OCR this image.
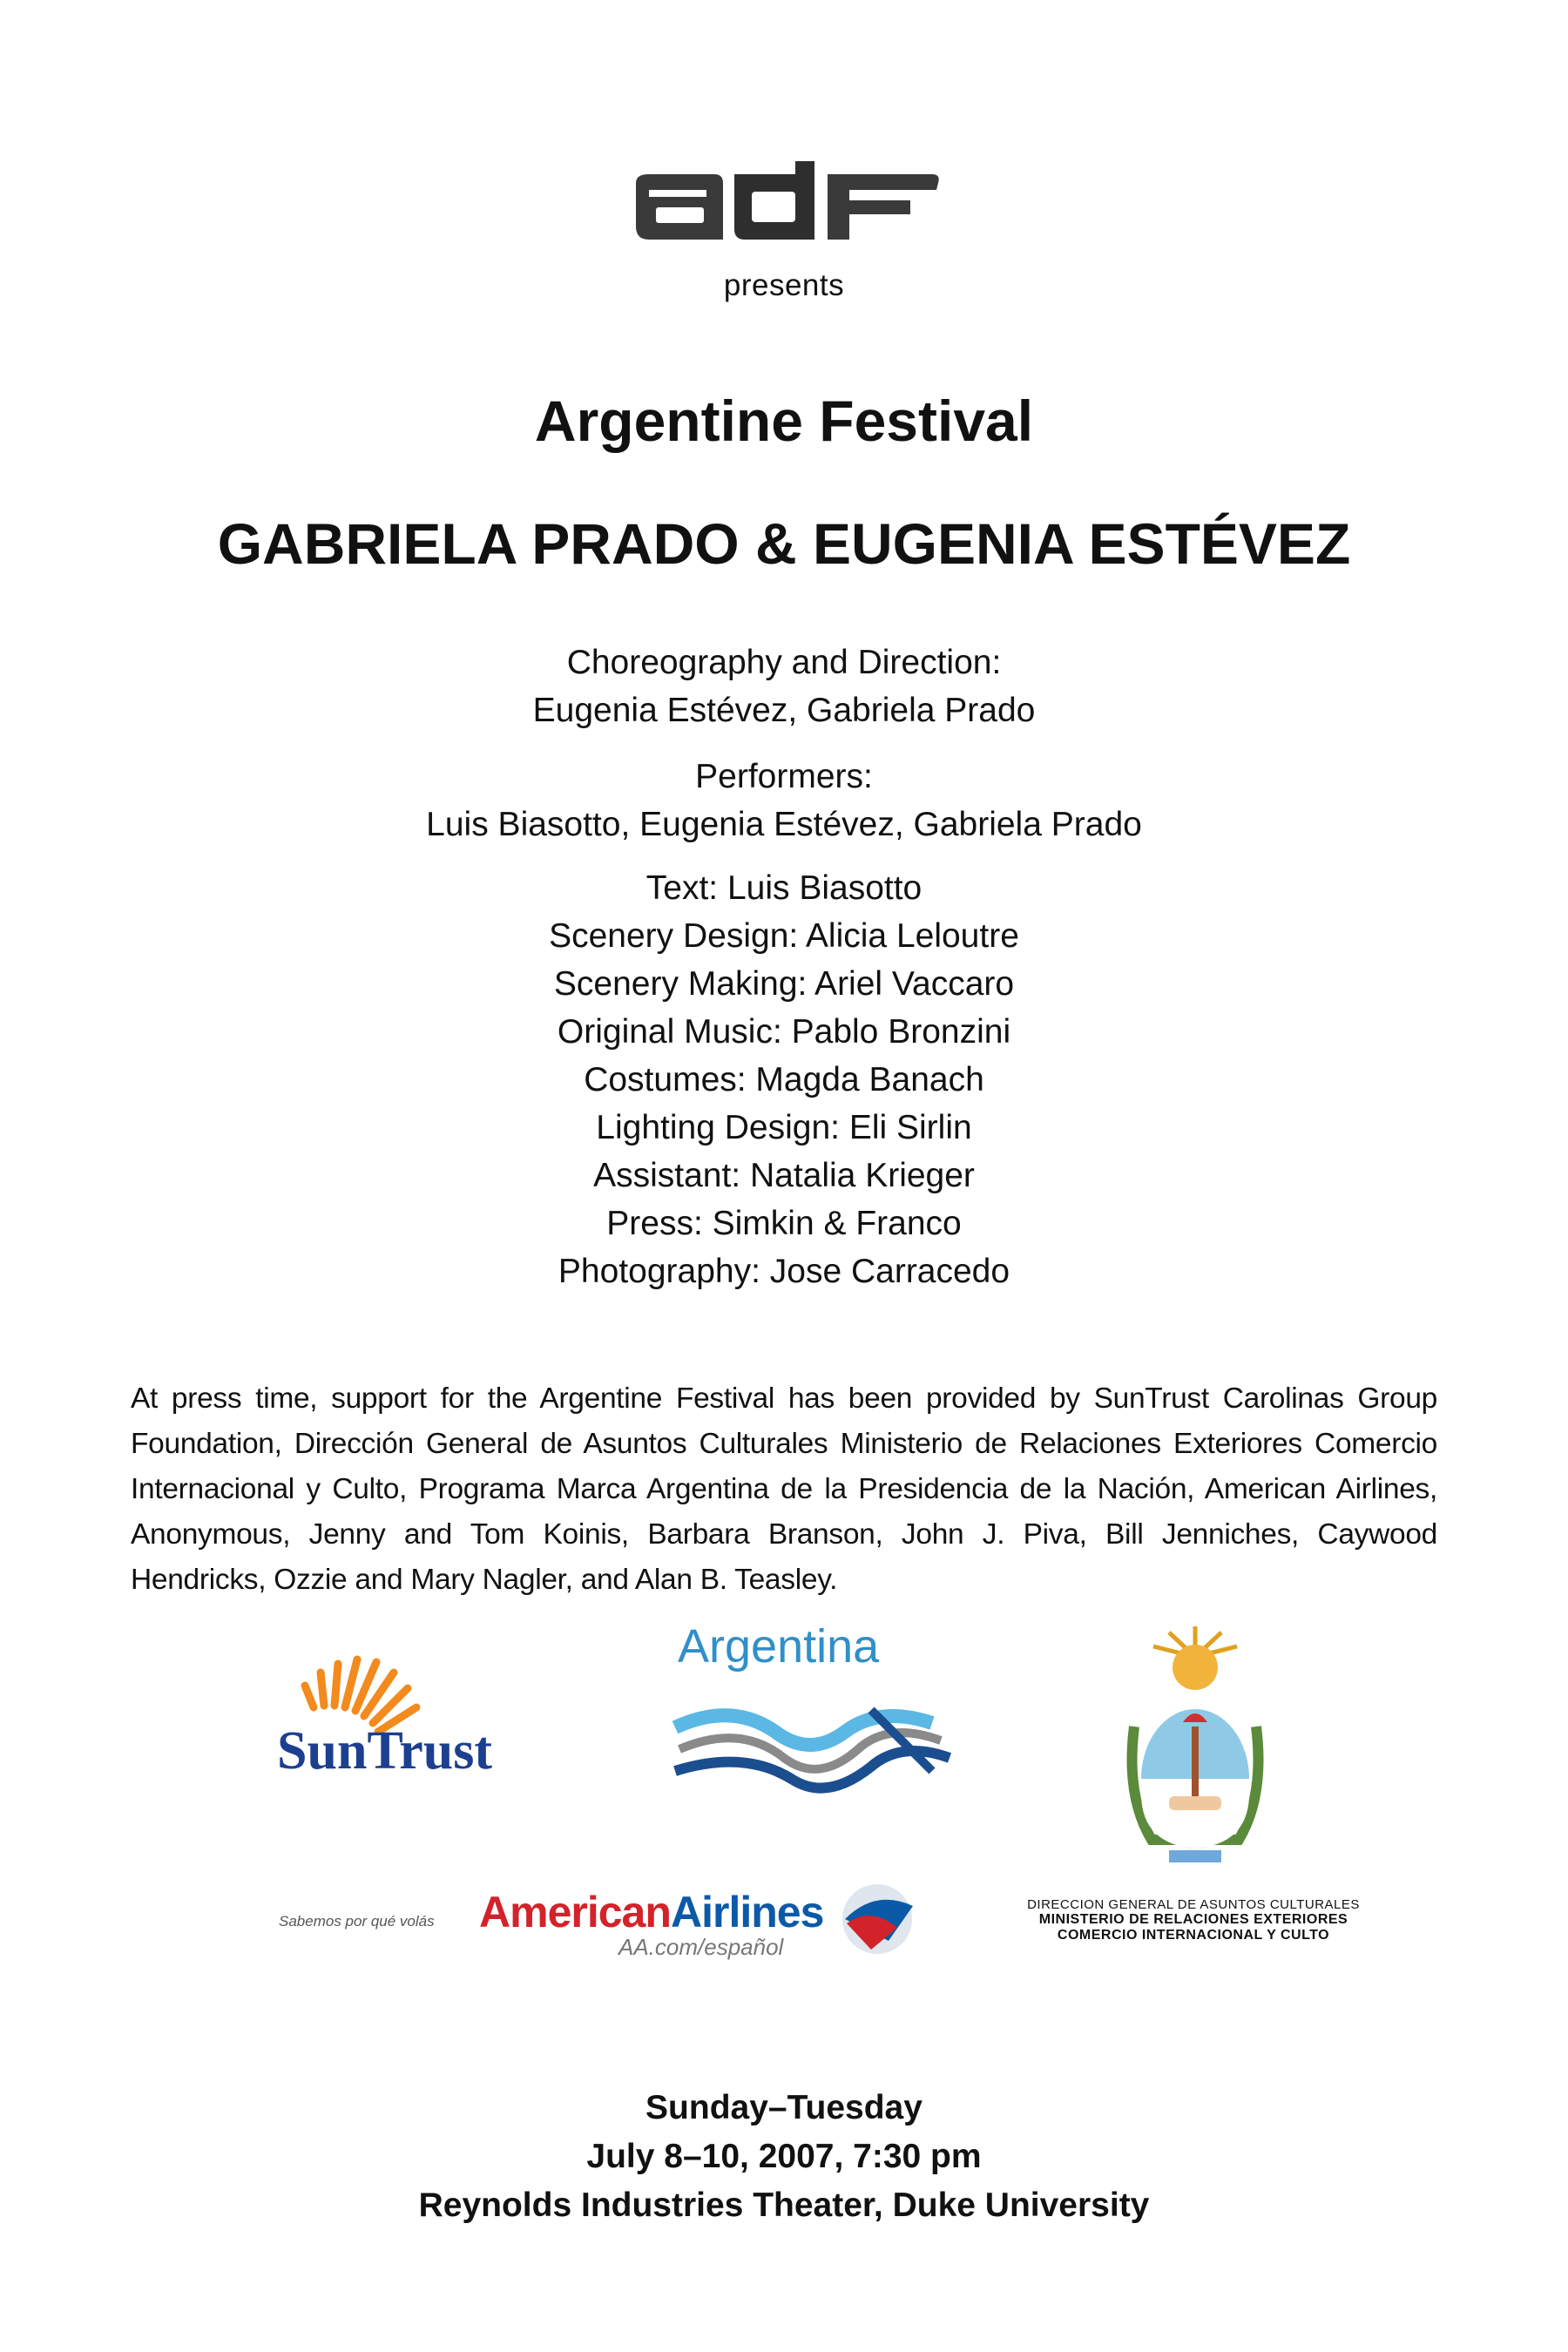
presents
Argentine Festival
GABRIELA PRADO & EUGENIA ESTÉVEZ
Choreography and Direction:
Eugenia Estévez, Gabriela Prado
Performers:
Luis Biasotto, Eugenia Estévez, Gabriela Prado
Text: Luis Biasotto
Scenery Design: Alicia Leloutre
Scenery Making: Ariel Vaccaro
Original Music: Pablo Bronzini
Costumes: Magda Banach
Lighting Design: Eli Sirlin
Assistant: Natalia Krieger
Press: Simkin & Franco
Photography: Jose Carracedo

At press time, support for the Argentine Festival has been provided by SunTrust Carolinas Group Foundation, Dirección General de Asuntos Culturales Ministerio de Relaciones Exteriores Comercio Internacional y Culto, Programa Marca Argentina de la Presidencia de la Nación, American Airlines, Anonymous, Jenny and Tom Koinis, Barbara Branson, John J. Piva, Bill Jenniches, Caywood Hendricks, Ozzie and Mary Nagler, and Alan B. Teasley.

SunTrust
Argentina
Sabemos por qué volás American Airlines
AA.com/español
DIRECCION GENERAL DE ASUNTOS CULTURALES
MINISTERIO DE RELACIONES EXTERIORES
COMERCIO INTERNACIONAL Y CULTO
Sunday–Tuesday
July 8–10, 2007, 7:30 pm
Reynolds Industries Theater, Duke University
